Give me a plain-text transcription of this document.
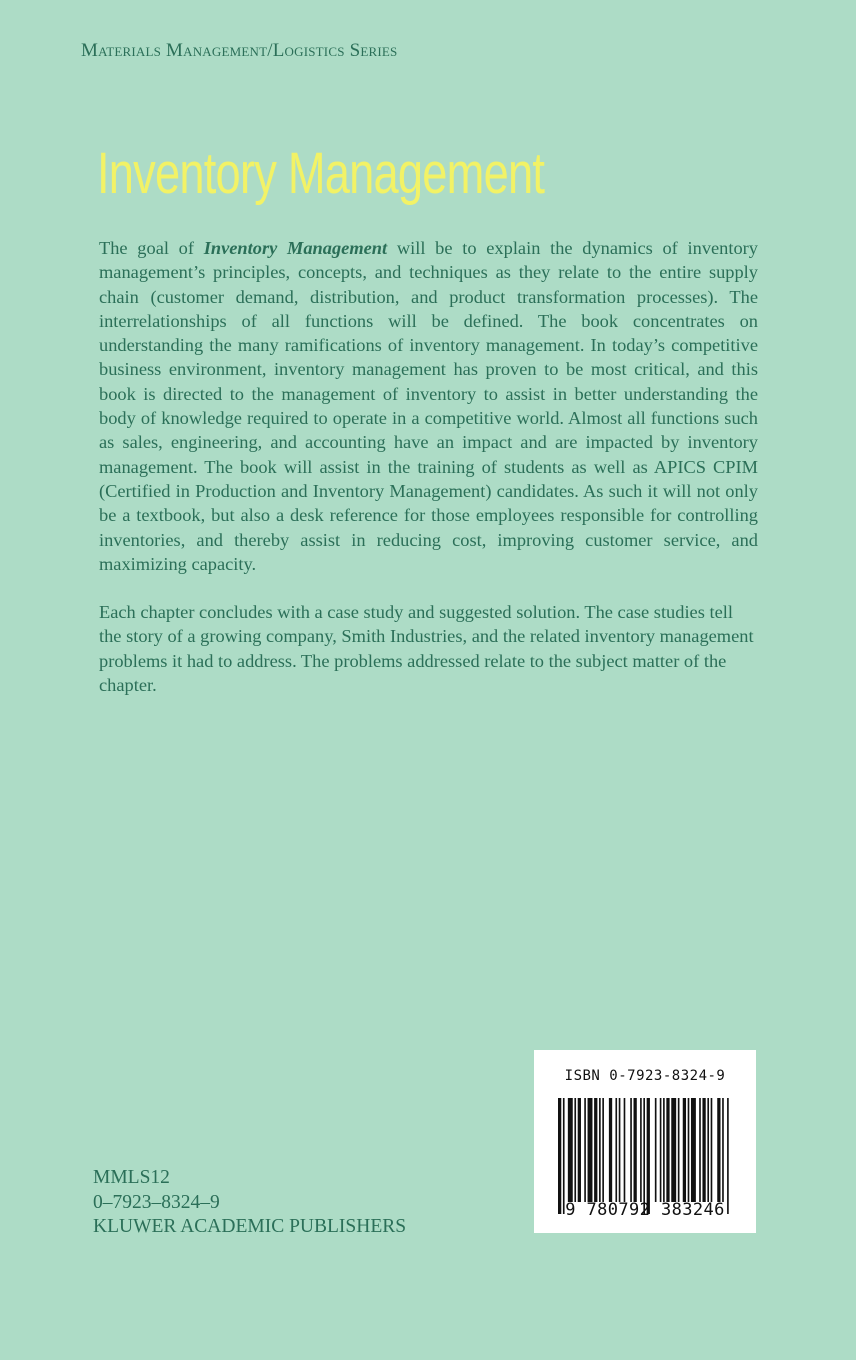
Materials Management/Logistics Series
Inventory Management

The goal of Inventory Management will be to explain the dynamics of inventory management’s principles, concepts, and techniques as they relate to the entire supply chain (customer demand, distribution, and product transformation processes). The interrelationships of all functions will be defined. The book concentrates on understanding the many ramifications of inventory management. In today’s competitive business environment, inventory management has proven to be most critical, and this book is directed to the management of inventory to assist in better understanding the body of knowledge required to operate in a competitive world. Almost all functions such as sales, engineering, and accounting have an impact and are impacted by inventory management. The book will assist in the training of students as well as APICS CPIM (Certified in Production and Inventory Management) candidates. As such it will not only be a textbook, but also a desk reference for those employees responsible for controlling inventories, and thereby assist in reducing cost, improving customer service, and maximizing capacity.

Each chapter concludes with a case study and suggested solution. The case studies tell the story of a growing company, Smith Industries, and the related inventory management problems it had to address. The problems addressed relate to the subject matter of the chapter.

MMLS12
0–7923–8324–9
KLUWER ACADEMIC PUBLISHERS
ISBN 0-7923-8324-9
9 780792 383246
